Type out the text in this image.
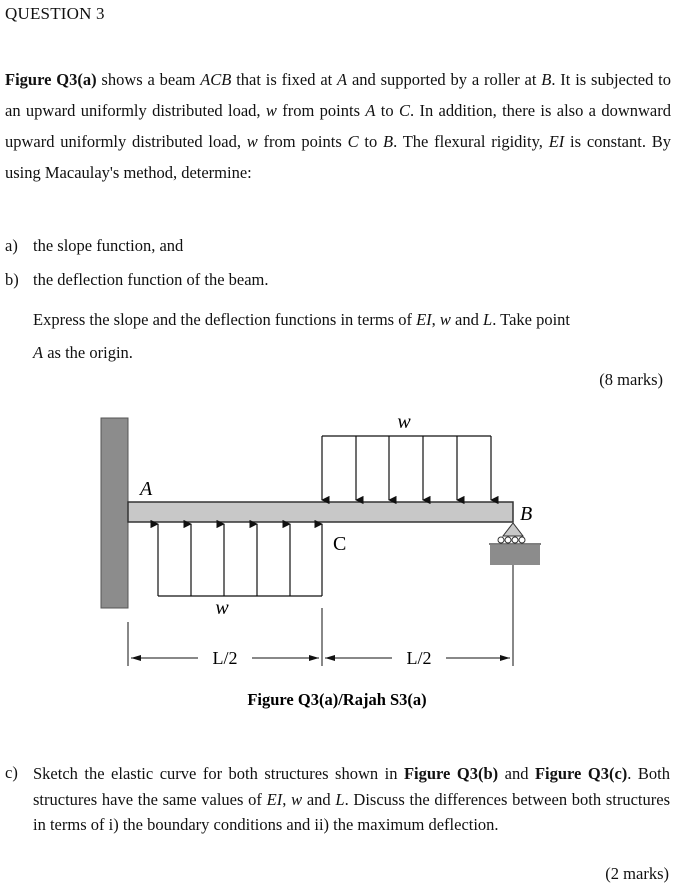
QUESTION 3
Figure Q3(a) shows a beam ACB that is fixed at A and supported by a roller at B. It is subjected to an upward uniformly distributed load, w from points A to C. In addition, there is also a downward upward uniformly distributed load, w from points C to B. The flexural rigidity, EI is constant. By using Macaulay's method, determine:
a) the slope function, and
b) the deflection function of the beam.
Express the slope and the deflection functions in terms of EI, w and L. Take point
A as the origin.
(8 marks)
A
w
w
C
B
L/2	L/2
Figure Q3(a)/Rajah S3(a)
c) Sketch the elastic curve for both structures shown in Figure Q3(b) and Figure Q3(c). Both structures have the same values of EI, w and L. Discuss the differences between both structures in terms of i) the boundary conditions and ii) the maximum deflection.
(2 marks)
